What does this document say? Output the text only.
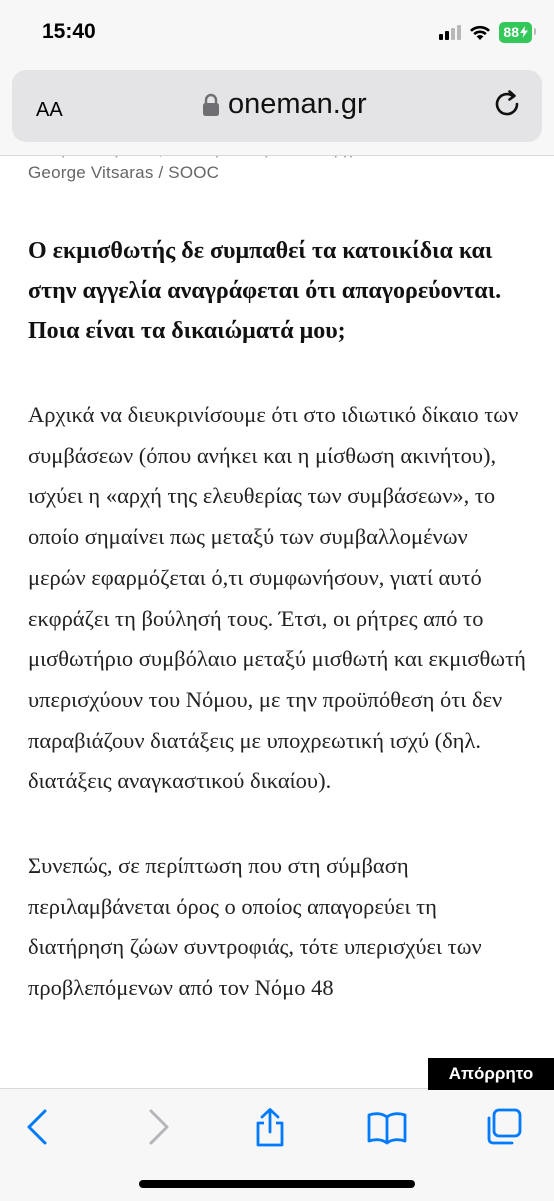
George Vitsaras / SOOC

Ο εκμισθωτής δε συμπαθεί τα κατοικίδια και στην αγγελία αναγράφεται ότι απαγορεύονται. Ποια είναι τα δικαιώματά μου;

Αρχικά να διευκρινίσουμε ότι στο ιδιωτικό δίκαιο των συμβάσεων (όπου ανήκει και η μίσθωση ακινήτου), ισχύει η «αρχή της ελευθερίας των συμβάσεων», το οποίο σημαίνει πως μεταξύ των συμβαλλομένων μερών εφαρμόζεται ό,τι συμφωνήσουν, γιατί αυτό εκφράζει τη βούλησή τους. Έτσι, οι ρήτρες από το μισθωτήριο συμβόλαιο μεταξύ μισθωτή και εκμισθωτή υπερισχύουν του Νόμου, με την προϋπόθεση ότι δεν παραβιάζουν διατάξεις με υποχρεωτική ισχύ (δηλ. διατάξεις αναγκαστικού δικαίου).

Συνεπώς, σε περίπτωση που στη σύμβαση περιλαμβάνεται όρος ο οποίος απαγορεύει τη διατήρηση ζώων συντροφιάς, τότε υπερισχύει των προβλεπόμενων από τον Νόμο 48

15:40	88
AA	oneman.gr
Απόρρητο
